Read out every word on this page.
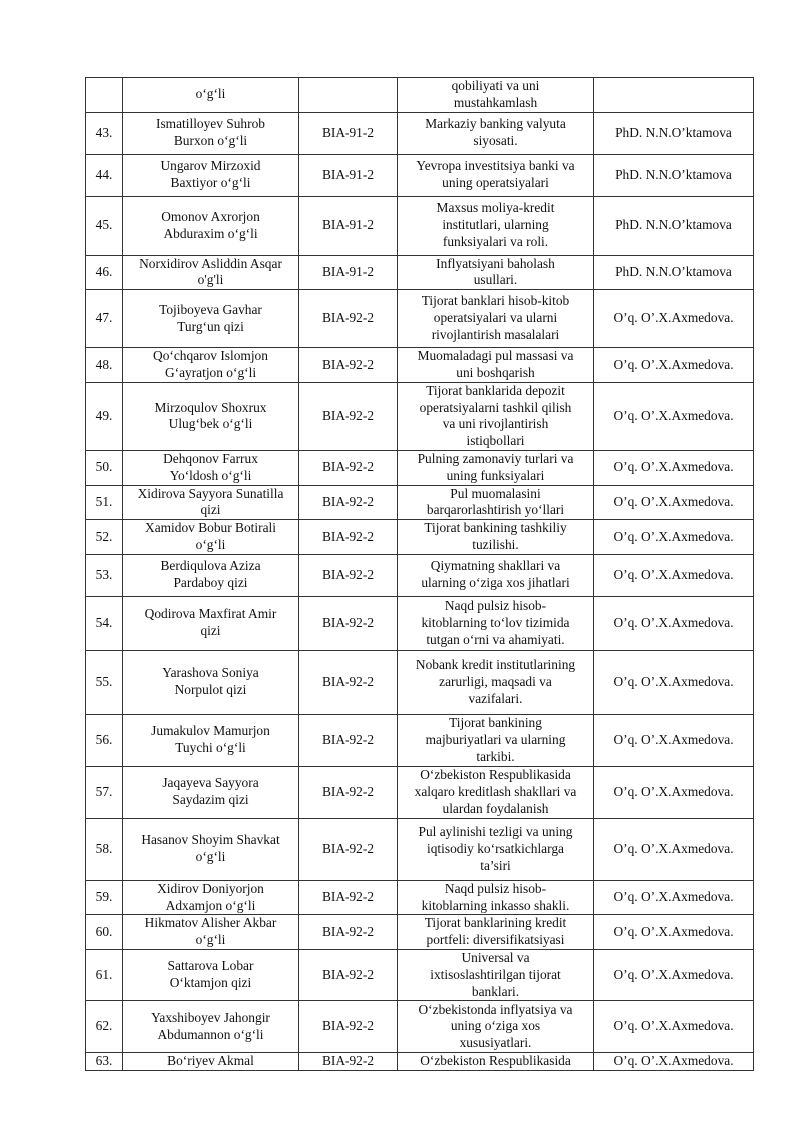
	o‘g‘li		qobiliyati va uni
mustahkamlash	
43.	Ismatilloyev Suhrob
Burxon o‘g‘li	BIA-91-2	Markaziy banking valyuta
siyosati.	PhD. N.N.O’ktamova
44.	Ungarov Mirzoxid
Baxtiyor o‘g‘li	BIA-91-2	Yevropa investitsiya banki va
uning operatsiyalari	PhD. N.N.O’ktamova
45.	Omonov Axrorjon
Abduraxim o‘g‘li	BIA-91-2	Maxsus moliya-kredit
institutlari, ularning
funksiyalari va roli.	PhD. N.N.O’ktamova
46.	Norxidirov Asliddin Asqar
o'g'li	BIA-91-2	Inflyatsiyani baholash
usullari.	PhD. N.N.O’ktamova
47.	Tojiboyeva Gavhar
Turg‘un qizi	BIA-92-2	Tijorat banklari hisob-kitob
operatsiyalari va ularni
rivojlantirish masalalari	O’q. O’.X.Axmedova.
48.	Qo‘chqarov Islomjon
G‘ayratjon o‘g‘li	BIA-92-2	Muomaladagi pul massasi va
uni boshqarish	O’q. O’.X.Axmedova.
49.	Mirzoqulov Shoxrux
Ulug‘bek o‘g‘li	BIA-92-2	Tijorat banklarida depozit
operatsiyalarni tashkil qilish
va uni rivojlantirish
istiqbollari	O’q. O’.X.Axmedova.
50.	Dehqonov Farrux
Yo‘ldosh o‘g‘li	BIA-92-2	Pulning zamonaviy turlari va
uning funksiyalari	O’q. O’.X.Axmedova.
51.	Xidirova Sayyora Sunatilla
qizi	BIA-92-2	Pul muomalasini
barqarorlashtirish yo‘llari	O’q. O’.X.Axmedova.
52.	Xamidov Bobur Botirali
o‘g‘li	BIA-92-2	Tijorat bankining tashkiliy
tuzilishi.	O’q. O’.X.Axmedova.
53.	Berdiqulova Aziza
Pardaboy qizi	BIA-92-2	Qiymatning shakllari va
ularning o‘ziga xos jihatlari	O’q. O’.X.Axmedova.
54.	Qodirova Maxfirat Amir
qizi	BIA-92-2	Naqd pulsiz hisob-
kitoblarning to‘lov tizimida
tutgan o‘rni va ahamiyati.	O’q. O’.X.Axmedova.
55.	Yarashova Soniya
Norpulot qizi	BIA-92-2	Nobank kredit institutlarining
zarurligi, maqsadi va
vazifalari.	O’q. O’.X.Axmedova.
56.	Jumakulov Mamurjon
Tuychi o‘g‘li	BIA-92-2	Tijorat bankining
majburiyatlari va ularning
tarkibi.	O’q. O’.X.Axmedova.
57.	Jaqayeva Sayyora
Saydazim qizi	BIA-92-2	O‘zbekiston Respublikasida
xalqaro kreditlash shakllari va
ulardan foydalanish	O’q. O’.X.Axmedova.
58.	Hasanov Shoyim Shavkat
o‘g‘li	BIA-92-2	Pul aylinishi tezligi va uning
iqtisodiy ko‘rsatkichlarga
ta’siri	O’q. O’.X.Axmedova.
59.	Xidirov Doniyorjon
Adxamjon o‘g‘li	BIA-92-2	Naqd pulsiz hisob-
kitoblarning inkasso shakli.	O’q. O’.X.Axmedova.
60.	Hikmatov Alisher Akbar
o‘g‘li	BIA-92-2	Tijorat banklarining kredit
portfeli: diversifikatsiyasi	O’q. O’.X.Axmedova.
61.	Sattarova Lobar
O‘ktamjon qizi	BIA-92-2	Universal va
ixtisoslashtirilgan tijorat
banklari.	O’q. O’.X.Axmedova.
62.	Yaxshiboyev Jahongir
Abdumannon o‘g‘li	BIA-92-2	O‘zbekistonda inflyatsiya va
uning o‘ziga xos
xususiyatlari.	O’q. O’.X.Axmedova.
63.	Bo‘riyev Akmal	BIA-92-2	O‘zbekiston Respublikasida	O’q. O’.X.Axmedova.
